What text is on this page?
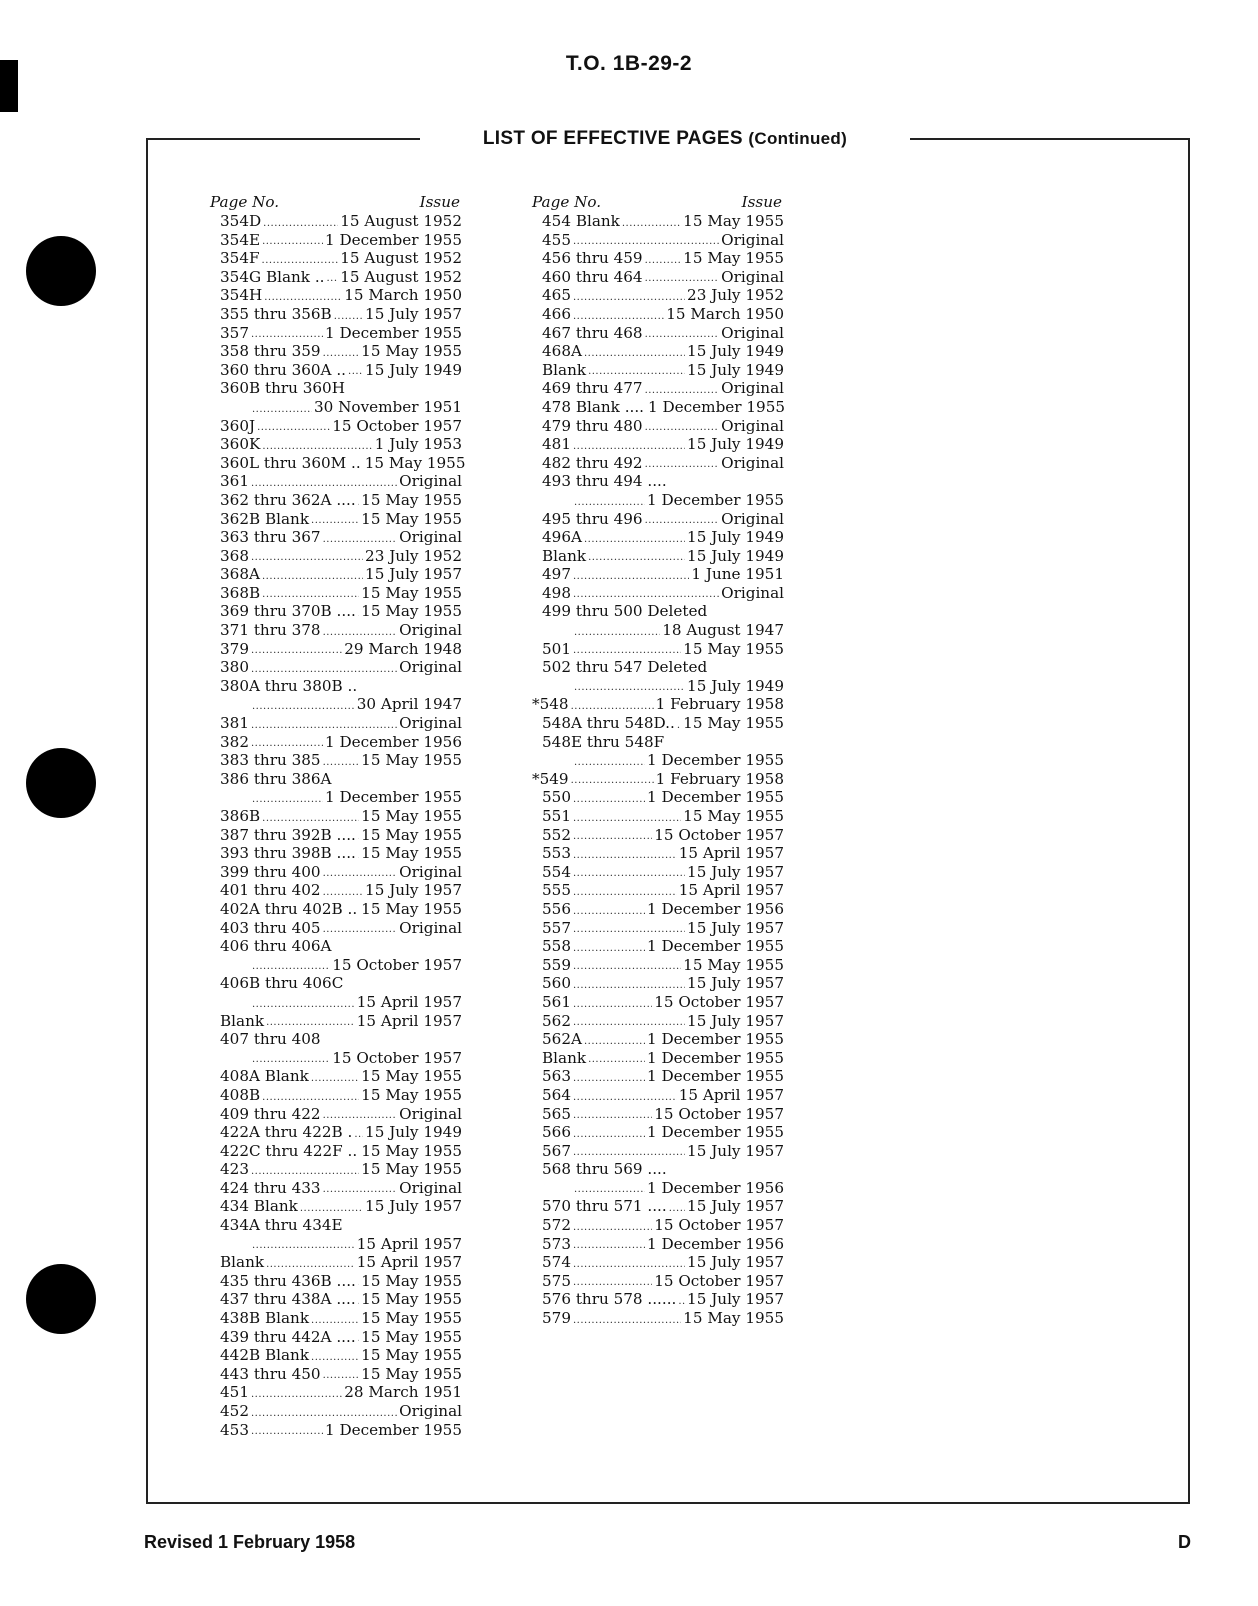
T.O. 1B-29-2
LIST OF EFFECTIVE PAGES (Continued)
Page No.	Issue
354D .....	15 August 1952
354E .....	1 December 1955
354F .....	15 August 1952
354G Blank .. ..... 15 August 1952
354H .....	15 March 1950
355 thru 356B ..... 15 July 1957
357 .....	1 December 1955
358 thru 359 .....	15 May 1955
360 thru 360A .. ..... 15 July 1949
360B thru 360H
.....
30 November 1951
360J .....	15 October 1957
360K .....	1 July 1953
360L thru 360M .. 15 May 1955
361 .....	Original
362 thru 362A .... ..... 15 May 1955
362B Blank .....	15 May 1955
363 thru 367 .....	Original
368 .....	23 July 1952
368A .....	15 July 1957
368B .....	15 May 1955
369 thru 370B .... ..... 15 May 1955
371 thru 378 .....	Original
379 .....	29 March 1948
380 .....	Original
380A thru 380B ..
.....
30 April 1947
381 .....	Original
382 .....	1 December 1956
383 thru 385 .....	15 May 1955
386 thru 386A
.....
1 December 1955
386B .....	15 May 1955
387 thru 392B .... ..... 15 May 1955
393 thru 398B .... ..... 15 May 1955
399 thru 400 .....	Original
401 thru 402 .....	15 July 1957
402A thru 402B .. 15 May 1955
403 thru 405 .....	Original
406 thru 406A
.....
15 October 1957
406B thru 406C
.....
15 April 1957
Blank .....	15 April 1957
407 thru 408
.....
15 October 1957
408A Blank .....	15 May 1955
408B .....	15 May 1955
409 thru 422 .....	Original
422A thru 422B . ..... 15 July 1949
422C thru 422F .. 15 May 1955
423 .....	15 May 1955
424 thru 433 .....	Original
434 Blank .....	15 July 1957
434A thru 434E
.....
15 April 1957
Blank .....	15 April 1957
435 thru 436B .... ..... 15 May 1955
437 thru 438A .... ..... 15 May 1955
438B Blank .....	15 May 1955
439 thru 442A .... ..... 15 May 1955
442B Blank .....	15 May 1955
443 thru 450 .....	15 May 1955
451 .....	28 March 1951
452 .....	Original
453 .....	1 December 1955
Page No.	Issue
454 Blank .....	15 May 1955
455 .....	Original
456 thru 459 .....	15 May 1955
460 thru 464 .....	Original
465 .....	23 July 1952
466 .....	15 March 1950
467 thru 468 .....	Original
468A .....	15 July 1949
Blank .....	15 July 1949
469 thru 477 .....	Original
478 Blank .... 1 December 1955
479 thru 480 .....	Original
481 .....	15 July 1949
482 thru 492 .....	Original
493 thru 494 ....
.....
1 December 1955
495 thru 496 .....	Original
496A .....	15 July 1949
Blank .....	15 July 1949
497 .....	1 June 1951
498 .....	Original
499 thru 500 Deleted
.....
18 August 1947
501 .....	15 May 1955
502 thru 547 Deleted
.....
15 July 1949
*548 .....	1 February 1958
548A thru 548D.. ..... 15 May 1955
548E thru 548F
.....
1 December 1955
*549 .....	1 February 1958
550 .....	1 December 1955
551 .....	15 May 1955
552 .....	15 October 1957
553 .....	15 April 1957
554 .....	15 July 1957
555 .....	15 April 1957
556 .....	1 December 1956
557 .....	15 July 1957
558 .....	1 December 1955
559 .....	15 May 1955
560 .....	15 July 1957
561 .....	15 October 1957
562 .....	15 July 1957
562A .....	1 December 1955
Blank .....	1 December 1955
563 .....	1 December 1955
564 .....	15 April 1957
565 .....	15 October 1957
566 .....	1 December 1955
567 .....	15 July 1957
568 thru 569 ....
.....
1 December 1956
570 thru 571 .... ..... 15 July 1957
572 .....	15 October 1957
573 .....	1 December 1956
574 .....	15 July 1957
575 .....	15 October 1957
576 thru 578 ...... ..... 15 July 1957
579 .....	15 May 1955
Revised 1 February 1958	D
